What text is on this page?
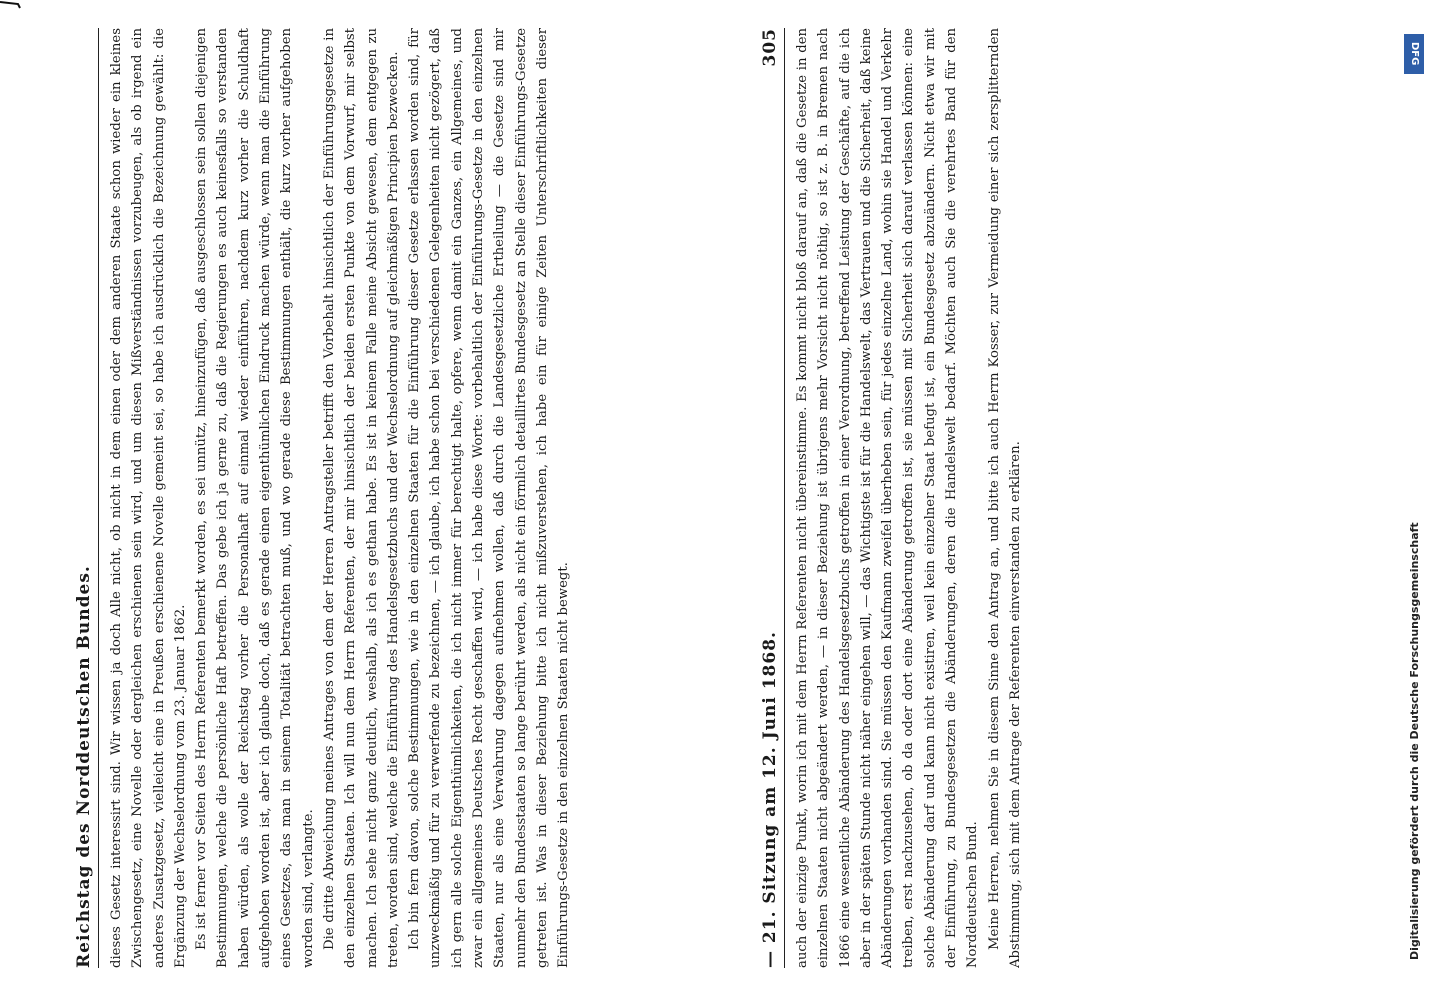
Reichstag des Norddeutschen Bundes. dieses Gesetz interessirt sind. Wir wissen ja doch Alle nicht, ob nicht in dem einen oder dem anderen Staate schon wieder ein kleines Zwischengesetz, eine Novelle oder dergleichen erschienen sein wird, und um diesen Mißverständnissen vorzubeugen, als ob irgend ein anderes Zusatzgesetz, vielleicht eine in Preußen erschienene Novelle gemeint sei, so habe ich ausdrücklich die Bezeichnung gewählt: die Ergänzung der Wechselordnung vom 23. Januar 1862. Es ist ferner vor Seiten des Herrn Referenten bemerkt worden, es sei unnütz, hineinzufügen, daß ausgeschlossen sein sollen diejenigen Bestimmungen, welche die persönliche Haft betreffen. Das gebe ich ja gerne zu, daß die Regierungen es auch keinesfalls so verstanden haben würden, als wolle der Reichstag vorher die Personalhaft auf einmal wieder einführen, nachdem kurz vorher die Schuldhaft aufgehoben worden ist, aber ich glaube doch, daß es gerade einen eigenthümlichen Eindruck machen würde, wenn man die Einführung eines Gesetzes, das man in seinem Totalität betrachten muß, und wo gerade diese Bestimmungen enthält, die kurz vorher aufgehoben worden sind, verlangte. Die dritte Abweichung meines Antrages von dem der Herren Antragsteller betrifft den Vorbehalt hinsichtlich der Einführungsgesetze in den einzelnen Staaten. Ich will nun dem Herrn Referenten, der mir hinsichtlich der beiden ersten Punkte von dem Vorwurf, mir selbst machen. Ich sehe nicht ganz deutlich, weshalb, als ich es gethan habe. Es ist in keinem Falle meine Absicht gewesen, dem entgegen zu treten, worden sind, welche die Einführung des Handelsgesetzbuchs und der Wechselordnung auf gleichmäßigen Principien bezwecken. Ich bin fern davon, solche Bestimmungen, wie in den einzelnen Staaten für die Einführung dieser Gesetze erlassen worden sind, für unzweckmäßig und für zu verwerfende zu bezeichnen, — ich glaube, ich habe schon bei verschiedenen Gelegenheiten nicht gezögert, daß ich gern alle solche Eigenthümlichkeiten, die ich nicht immer für berechtigt halte, opfere, wenn damit ein Ganzes, ein Allgemeines, und zwar ein allgemeines Deutsches Recht geschaffen wird, — ich habe diese Worte: vorbehaltlich der Einführungs-Gesetze in den einzelnen Staaten, nur als eine Verwahrung dagegen aufnehmen wollen, daß durch die Landesgesetzliche Ertheilung — die Gesetze sind mir nunmehr den Bundesstaaten so lange berührt werden, als nicht ein förmlich detaillirtes Bundesgesetz an Stelle dieser Einführungs-Gesetze getreten ist. Was in dieser Beziehung bitte ich nicht mißzuverstehen, ich habe ein für einige Zeiten Unterschriftlichkeiten dieser Einführungs-Gesetze in den einzelnen Staaten nicht bewegt.	— 21. Sitzung am 12. Juni 1868.
305 auch der einzige Punkt, worin ich mit dem Herrn Referenten nicht übereinstimme. Es kommt nicht bloß darauf an, daß die Gesetze in den einzelnen Staaten nicht abgeändert werden, — in dieser Beziehung ist übrigens mehr Vorsicht nicht nöthig, so ist z. B. in Bremen nach 1866 eine wesentliche Abänderung des Handelsgesetzbuchs getroffen in einer Verordnung, betreffend Leistung der Geschäfte, auf die ich aber in der späten Stunde nicht näher eingehen will, — das Wichtigste ist für die Handelswelt, das Vertrauen und die Sicherheit, daß keine Abänderungen vorhanden sind. Sie müssen den Kaufmann zweifel überheben sein, für jedes einzelne Land, wohin sie Handel und Verkehr treiben, erst nachzusehen, ob da oder dort eine Abänderung getroffen ist, sie müssen mit Sicherheit sich darauf verlassen können: eine solche Abänderung darf und kann nicht existiren, weil kein einzelner Staat befugt ist, ein Bundesgesetz abzuändern. Nicht etwa wir mit der Einführung, zu Bundesgesetzen die Abänderungen, deren die Handelswelt bedarf. Möchten auch Sie die verehrtes Band für den Norddeutschen Bund. Meine Herren, nehmen Sie in diesem Sinne den Antrag an, und bitte ich auch Herrn Kosser, zur Vermeidung einer sich zersplitternden Abstimmung, sich mit dem Antrage der Referenten einverstanden zu erklären.

DFG
Digitalisierung gefördert durch die Deutsche Forschungsgemeinschaft
